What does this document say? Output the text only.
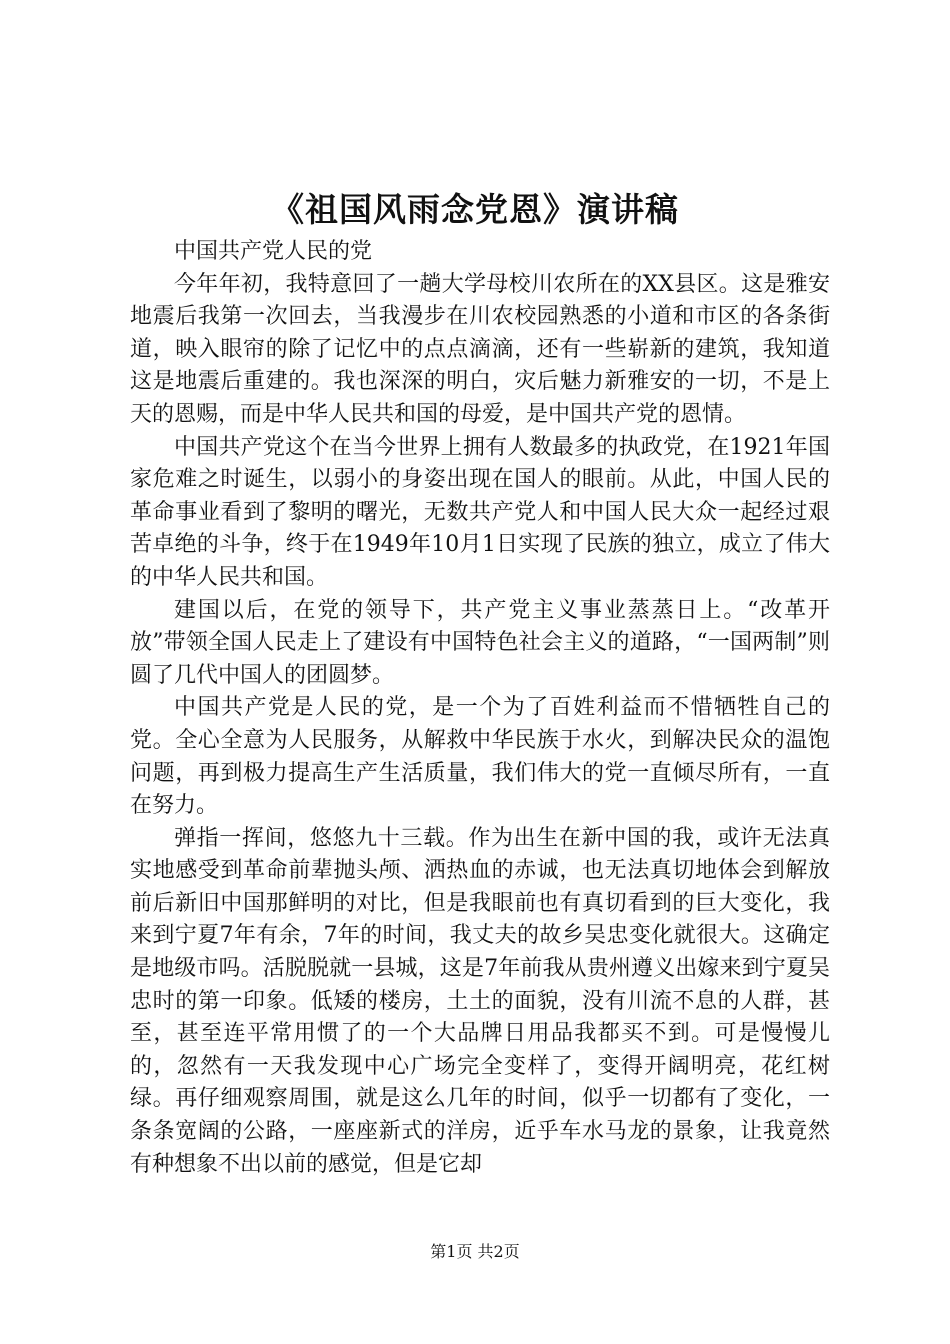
《祖国风雨念党恩》演讲稿

中国共产党人民的党

今年年初，我特意回了一趟大学母校川农所在的XX县区。这是雅安地震后我第一次回去，当我漫步在川农校园熟悉的小道和市区的各条街道，映入眼帘的除了记忆中的点点滴滴，还有一些崭新的建筑，我知道这是地震后重建的。我也深深的明白，灾后魅力新雅安的一切，不是上天的恩赐，而是中华人民共和国的母爱，是中国共产党的恩情。

中国共产党这个在当今世界上拥有人数最多的执政党，在1921年国家危难之时诞生，以弱小的身姿出现在国人的眼前。从此，中国人民的革命事业看到了黎明的曙光，无数共产党人和中国人民大众一起经过艰苦卓绝的斗争，终于在1949年10月1日实现了民族的独立，成立了伟大的中华人民共和国。

建国以后，在党的领导下，共产党主义事业蒸蒸日上。“改革开放”带领全国人民走上了建设有中国特色社会主义的道路，“一国两制”则圆了几代中国人的团圆梦。

中国共产党是人民的党，是一个为了百姓利益而不惜牺牲自己的党。全心全意为人民服务，从解救中华民族于水火，到解决民众的温饱问题，再到极力提高生产生活质量，我们伟大的党一直倾尽所有，一直在努力。

弹指一挥间，悠悠九十三载。作为出生在新中国的我，或许无法真实地感受到革命前辈抛头颅、洒热血的赤诚，也无法真切地体会到解放前后新旧中国那鲜明的对比，但是我眼前也有真切看到的巨大变化，我来到宁夏7年有余，7年的时间，我丈夫的故乡吴忠变化就很大。这确定是地级市吗。活脱脱就一县城，这是7年前我从贵州遵义出嫁来到宁夏吴忠时的第一印象。低矮的楼房，土土的面貌，没有川流不息的人群，甚至，甚至连平常用惯了的一个大品牌日用品我都买不到。可是慢慢儿的，忽然有一天我发现中心广场完全变样了，变得开阔明亮，花红树绿。再仔细观察周围，就是这么几年的时间，似乎一切都有了变化，一条条宽阔的公路，一座座新式的洋房，近乎车水马龙的景象，让我竟然有种想象不出以前的感觉，但是它却

第1页 共2页
